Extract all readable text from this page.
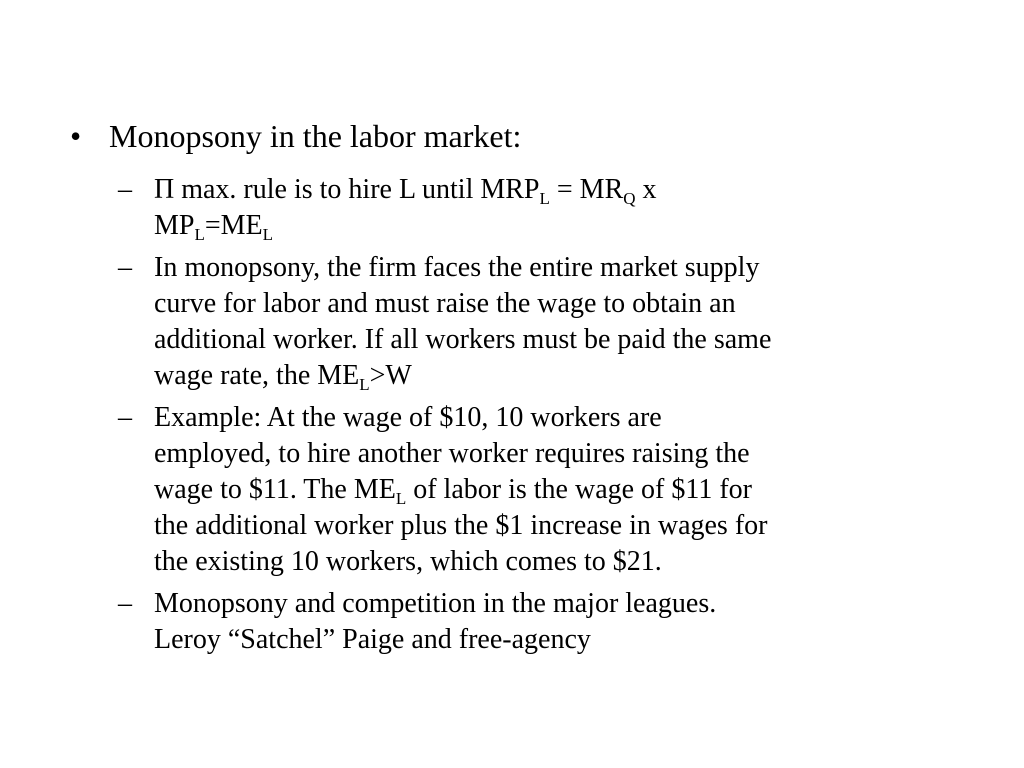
• Monopsony in the labor market:
– Π max. rule is to hire L until $MRP_L = MR_Q$ x
$MP_L=ME_L$
– In monopsony, the firm faces the entire market supply
curve for labor and must raise the wage to obtain an
additional worker. If all workers must be paid the same
wage rate, the $ME_L>W$
– Example: At the wage of $10, 10 workers are
employed, to hire another worker requires raising the
wage to $11. The $ME_L$ of labor is the wage of $11 for
the additional worker plus the $1 increase in wages for
the existing 10 workers, which comes to $21.
– Monopsony and competition in the major leagues.
Leroy “Satchel” Paige and free-agency
